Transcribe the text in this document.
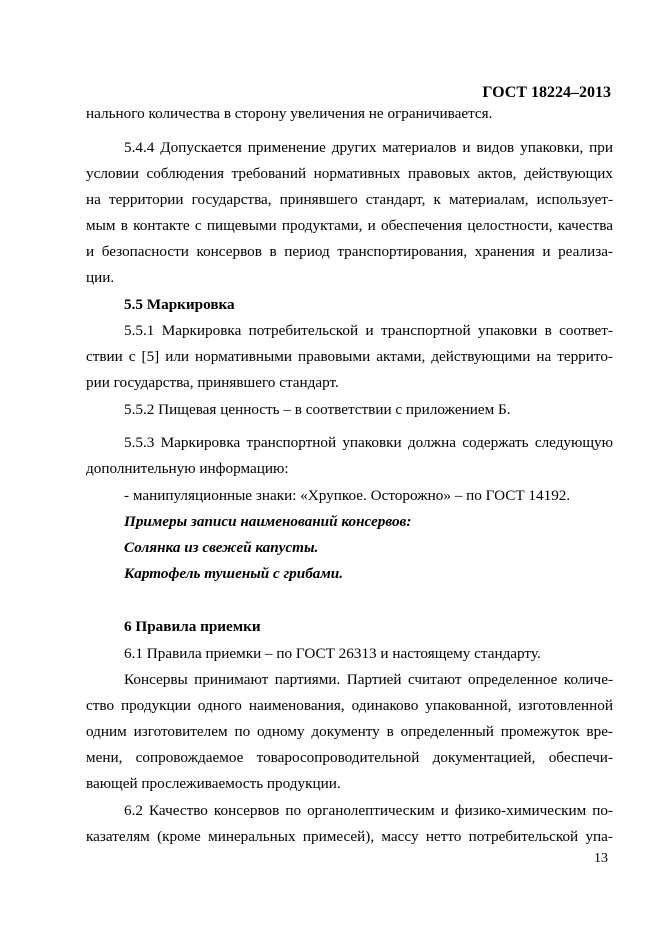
ГОСТ 18224–2013
нального количества в сторону увеличения не ограничивается.
5.4.4 Допускается применение других материалов и видов упаковки, при
условии соблюдения требований нормативных правовых актов, действующих
на территории государства, принявшего стандарт, к материалам, использует-
мым в контакте с пищевыми продуктами, и обеспечения целостности, качества
и безопасности консервов в период транспортирования, хранения и реализа-
ции.
5.5 Маркировка
5.5.1 Маркировка потребительской и транспортной упаковки в соответ-
ствии с [5] или нормативными правовыми актами, действующими на террито-
рии государства, принявшего стандарт.
5.5.2 Пищевая ценность – в соответствии с приложением Б.
5.5.3 Маркировка транспортной упаковки должна содержать следующую
дополнительную информацию:
- манипуляционные знаки: «Хрупкое. Осторожно» – по ГОСТ 14192.
Примеры записи наименований консервов:
Солянка из свежей капусты.
Картофель тушеный с грибами.
6 Правила приемки
6.1 Правила приемки – по ГОСТ 26313 и настоящему стандарту.
Консервы принимают партиями. Партией считают определенное количе-
ство продукции одного наименования, одинаково упакованной, изготовленной
одним изготовителем по одному документу в определенный промежуток вре-
мени, сопровождаемое товаросопроводительной документацией, обеспечи-
вающей прослеживаемость продукции.
6.2 Качество консервов по органолептическим и физико-химическим по-
казателям (кроме минеральных примесей), массу нетто потребительской упа-
13
